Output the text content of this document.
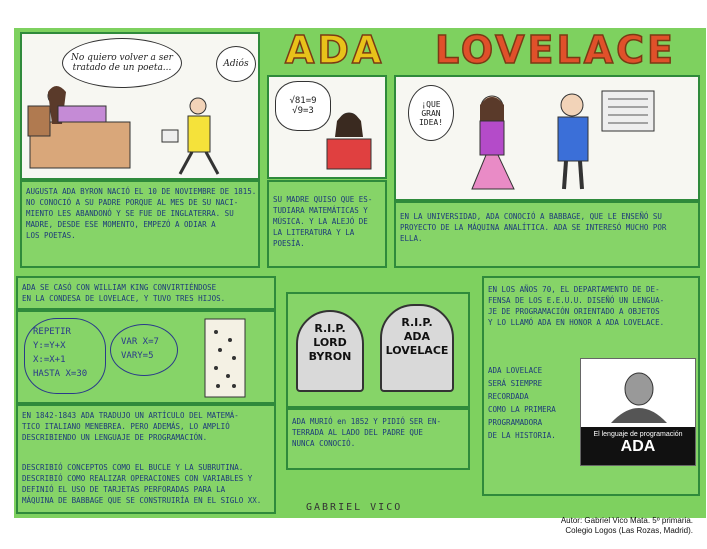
ADA LOVELACE
No quiero volver a ser tratado de un poeta...	Adiós
AUGUSTA ADA BYRON NACIÓ EL 10 DE NOVIEMBRE DE 1815.
NO CONOCIÓ A SU PADRE PORQUE AL MES DE SU NACI-
MIENTO LES ABANDONÓ Y SE FUE DE INGLATERRA. SU
MADRE, DESDE ESE MOMENTO, EMPEZÓ A ODIAR A
LOS POETAS.
√81=9
√9=3
SU MADRE QUISO QUE ES-
TUDIARA MATEMÁTICAS Y
MÚSICA. Y LA ALEJÓ DE
LA LITERATURA Y LA
POESÍA.
¡QUE GRAN IDEA!
EN LA UNIVERSIDAD, ADA CONOCIÓ A BABBAGE, QUE LE ENSEÑÓ SU
PROYECTO DE LA MÁQUINA ANALÍTICA. ADA SE INTERESÓ MUCHO POR
ELLA.
ADA SE CASÓ CON WILLIAM KING CONVIRTIÉNDOSE
EN LA CONDESA DE LOVELACE, Y TUVO TRES HIJOS.
REPETIR
Y:=Y+X
X:=X+1
HASTA X=30
VAR X=7
VARY=5
EN 1842-1843 ADA TRADUJO UN ARTÍCULO DEL MATEMÁ-
TICO ITALIANO MENEBREA. PERO ADEMÁS, LO AMPLIÓ
DESCRIBIENDO UN LENGUAJE DE PROGRAMACIÓN.
DESCRIBIÓ CONCEPTOS COMO EL BUCLE Y LA SUBRUTINA.
DESCRIBIÓ COMO REALIZAR OPERACIONES CON VARIABLES Y
DEFINIÓ EL USO DE TARJETAS PERFORADAS PARA LA
MÁQUINA DE BABBAGE QUE SE CONSTRUIRÍA EN EL SIGLO XX.
R.I.P.
LORD
BYRON
R.I.P.
ADA
LOVELACE
ADA MURIÓ en 1852 Y PIDIÓ SER EN-
TERRADA AL LADO DEL PADRE QUE
NUNCA CONOCIÓ.
EN LOS AÑOS 70, EL DEPARTAMENTO DE DE-
FENSA DE LOS E.E.U.U. DISEÑÓ UN LENGUA-
JE DE PROGRAMACIÓN ORIENTADO A OBJETOS
Y LO LLAMÓ ADA EN HONOR A ADA LOVELACE.
ADA LOVELACE
SERÁ SIEMPRE
RECORDADA
COMO LA PRIMERA
PROGRAMADORA
DE LA HISTORIA.	El lenguaje de programación
ADA
GABRIEL VICO
Autor: Gabriel Vico Mata. 5º primaria.
Colegio Logos (Las Rozas, Madrid).
